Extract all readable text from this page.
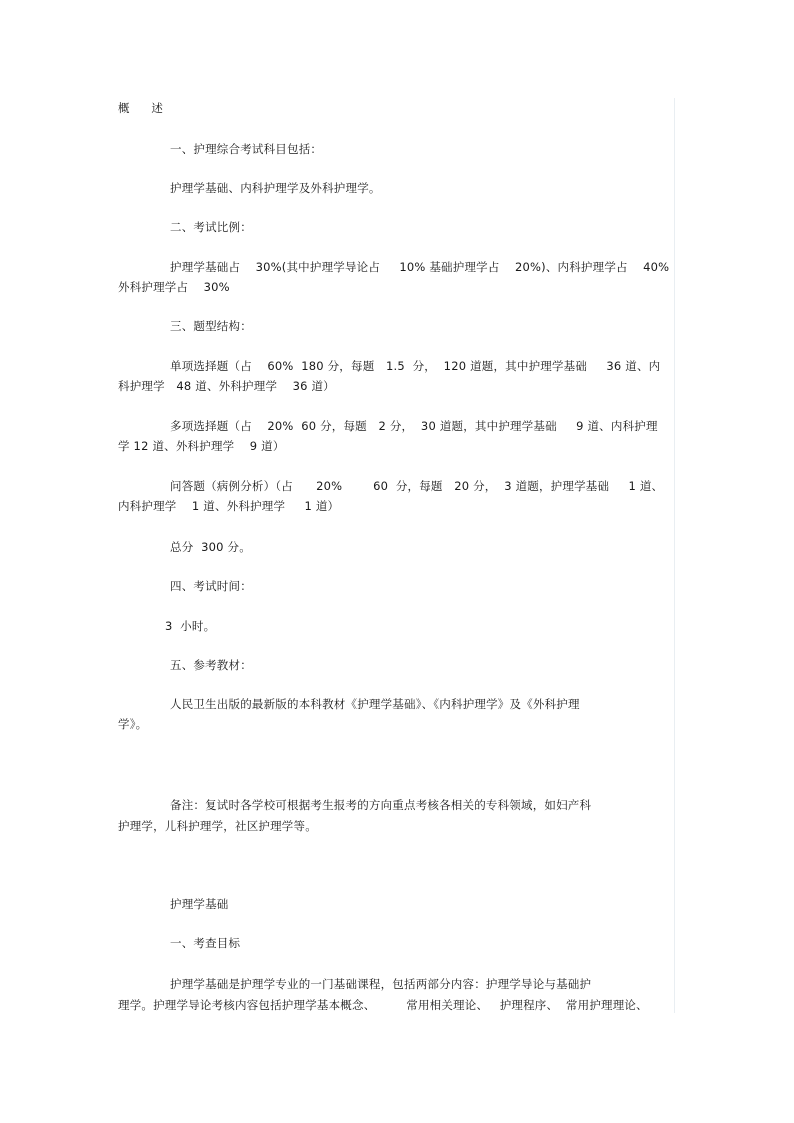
概      述
一、护理综合考试科目包括：
护理学基础、内科护理学及外科护理学。
二、考试比例：
护理学基础占    30%(其中护理学导论占     10% 基础护理学占    20%)、内科护理学占    40%
外科护理学占    30%
三、题型结构：
单项选择题（占    60%  180 分，每题   1.5  分，  120 道题，其中护理学基础     36 道、内
科护理学   48 道、外科护理学    36 道）
多项选择题（占    20%  60 分，每题   2 分，  30 道题，其中护理学基础     9 道、内科护理
学 12 道、外科护理学    9 道）
问答题（病例分析）（占      20%        60  分，每题   20 分，  3 道题，护理学基础     1 道、
内科护理学    1 道、外科护理学     1 道）
总分  300 分。
四、考试时间：
3  小时。
五、参考教材：
人民卫生出版的最新版的本科教材《护理学基础》、《内科护理学》及《外科护理
学》。
备注：复试时各学校可根据考生报考的方向重点考核各相关的专科领域，如妇产科
护理学，儿科护理学，社区护理学等。
护理学基础
一、考查目标
护理学基础是护理学专业的一门基础课程，包括两部分内容：护理学导论与基础护
理学。护理学导论考核内容包括护理学基本概念、        常用相关理论、   护理程序、  常用护理理论、
